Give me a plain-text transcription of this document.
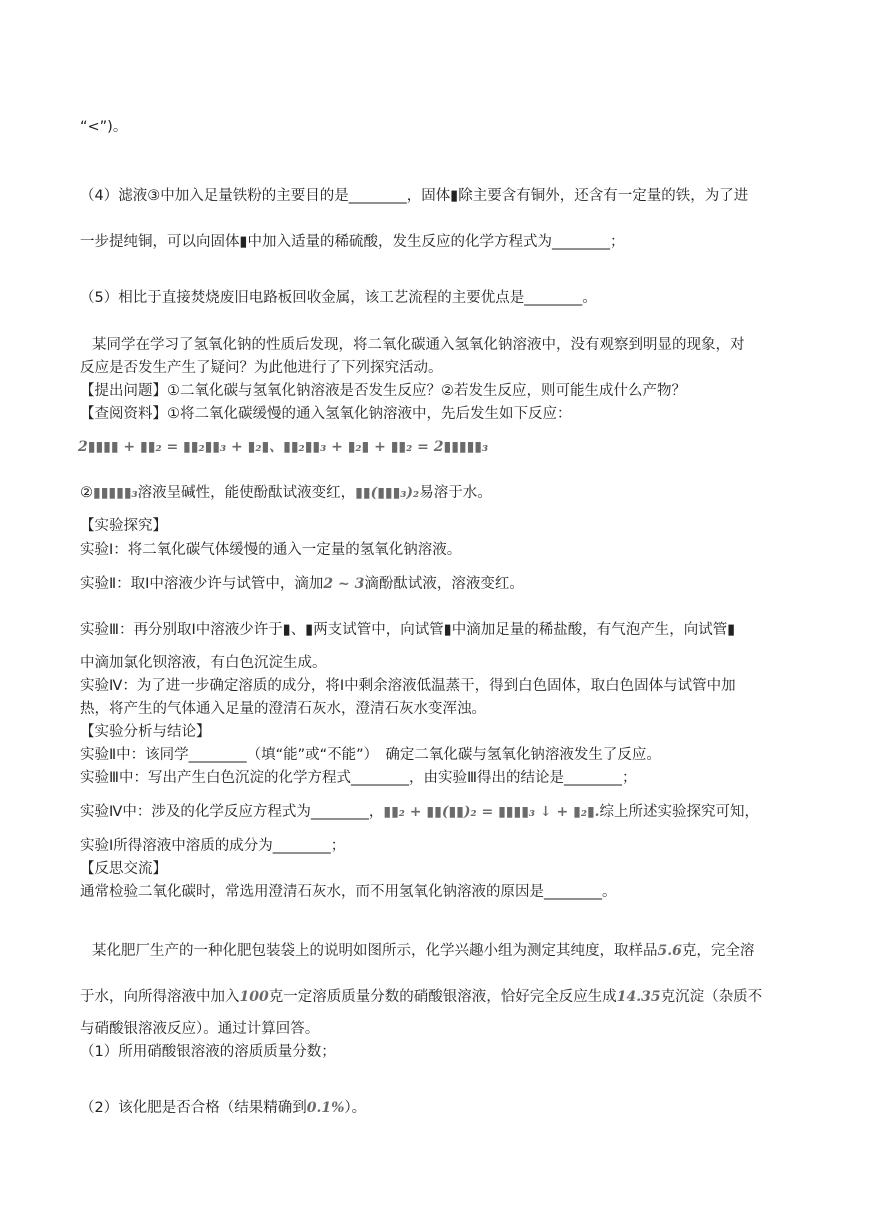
“<”)。
（4）滤液③中加入足量铁粉的主要目的是________，固体▮除主要含有铜外，还含有一定量的铁，为了进
一步提纯铜，可以向固体▮中加入适量的稀硫酸，发生反应的化学方程式为________；
（5）相比于直接焚烧废旧电路板回收金属，该工艺流程的主要优点是________。
某同学在学习了氢氧化钠的性质后发现，将二氧化碳通入氢氧化钠溶液中，没有观察到明显的现象，对
反应是否发生产生了疑问？为此他进行了下列探究活动。
【提出问题】①二氧化碳与氢氧化钠溶液是否发生反应？②若发生反应，则可能生成什么产物？
【查阅资料】①将二氧化碳缓慢的通入氢氧化钠溶液中，先后发生如下反应：
2▮▮▮▮ + ▮▮₂ = ▮▮₂▮▮₃ + ▮₂▮、▮▮₂▮▮₃ + ▮₂▮ + ▮▮₂ = 2▮▮▮▮▮₃
②▮▮▮▮▮₃溶液呈碱性，能使酚酞试液变红，▮▮(▮▮▮₃)₂易溶于水。
【实验探究】
实验Ⅰ：将二氧化碳气体缓慢的通入一定量的氢氧化钠溶液。
实验Ⅱ：取Ⅰ中溶液少许与试管中，滴加2 ~ 3滴酚酞试液，溶液变红。
实验Ⅲ：再分别取Ⅰ中溶液少许于▮、▮两支试管中，向试管▮中滴加足量的稀盐酸，有气泡产生，向试管▮
中滴加氯化钡溶液，有白色沉淀生成。
实验Ⅳ：为了进一步确定溶质的成分，将Ⅰ中剩余溶液低温蒸干，得到白色固体，取白色固体与试管中加
热，将产生的气体通入足量的澄清石灰水，澄清石灰水变浑浊。
【实验分析与结论】
实验Ⅱ中：该同学________（填“能”或“不能”）　确定二氧化碳与氢氧化钠溶液发生了反应。
实验Ⅲ中：写出产生白色沉淀的化学方程式________，由实验Ⅲ得出的结论是________；
实验Ⅳ中：涉及的化学反应方程式为________，▮▮₂ + ▮▮(▮▮)₂ = ▮▮▮▮₃ ↓ + ▮₂▮.综上所述实验探究可知，
实验Ⅰ所得溶液中溶质的成分为________；
【反思交流】
通常检验二氧化碳时，常选用澄清石灰水，而不用氢氧化钠溶液的原因是________。
某化肥厂生产的一种化肥包装袋上的说明如图所示，化学兴趣小组为测定其纯度，取样品5.6克，完全溶
于水，向所得溶液中加入100克一定溶质质量分数的硝酸银溶液，恰好完全反应生成14.35克沉淀（杂质不
与硝酸银溶液反应）。通过计算回答。
（1）所用硝酸银溶液的溶质质量分数；
（2）该化肥是否合格（结果精确到0.1%）。
